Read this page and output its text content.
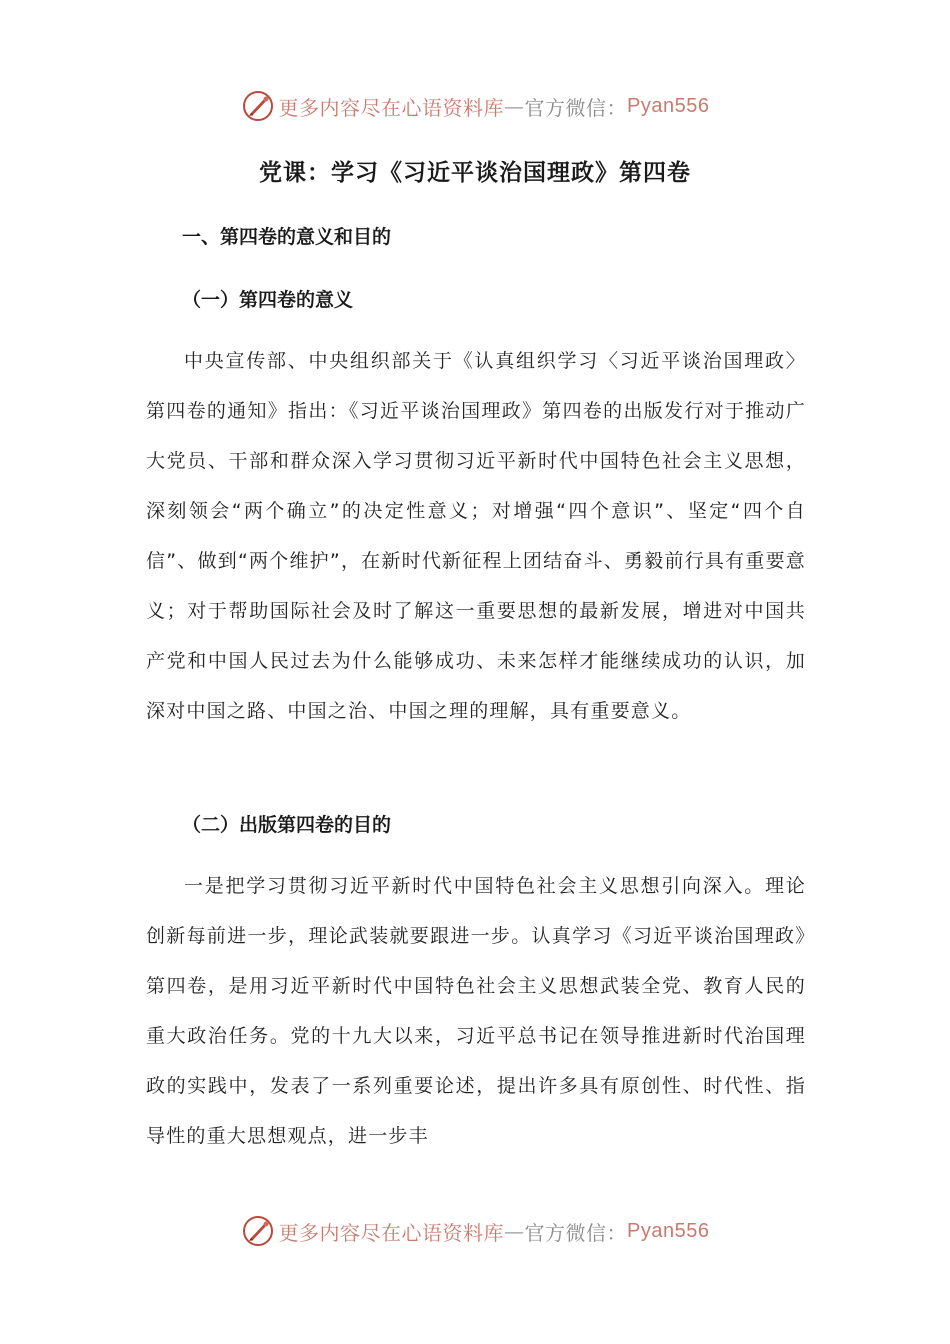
更多内容尽在心语资料库 — 官方微信： Pyan556
党课：学习《习近平谈治国理政》第四卷
一、第四卷的意义和目的
（一）第四卷的意义

中央宣传部、中央组织部关于《认真组织学习〈习近平谈治国理政〉第四卷的通知》指出：《习近平谈治国理政》第四卷的出版发行对于推动广大党员、干部和群众深入学习贯彻习近平新时代中国特色社会主义思想，深刻领会“两个确立”的决定性意义；对增强“四个意识”、坚定“四个自信”、做到“两个维护”，在新时代新征程上团结奋斗、勇毅前行具有重要意义；对于帮助国际社会及时了解这一重要思想的最新发展，增进对中国共产党和中国人民过去为什么能够成功、未来怎样才能继续成功的认识，加深对中国之路、中国之治、中国之理的理解，具有重要意义。

（二）出版第四卷的目的

一是把学习贯彻习近平新时代中国特色社会主义思想引向深入。理论创新每前进一步，理论武装就要跟进一步。认真学习《习近平谈治国理政》第四卷，是用习近平新时代中国特色社会主义思想武装全党、教育人民的重大政治任务。党的十九大以来，习近平总书记在领导推进新时代治国理政的实践中，发表了一系列重要论述，提出许多具有原创性、时代性、指导性的重大思想观点，进一步丰

更多内容尽在心语资料库 — 官方微信： Pyan556
